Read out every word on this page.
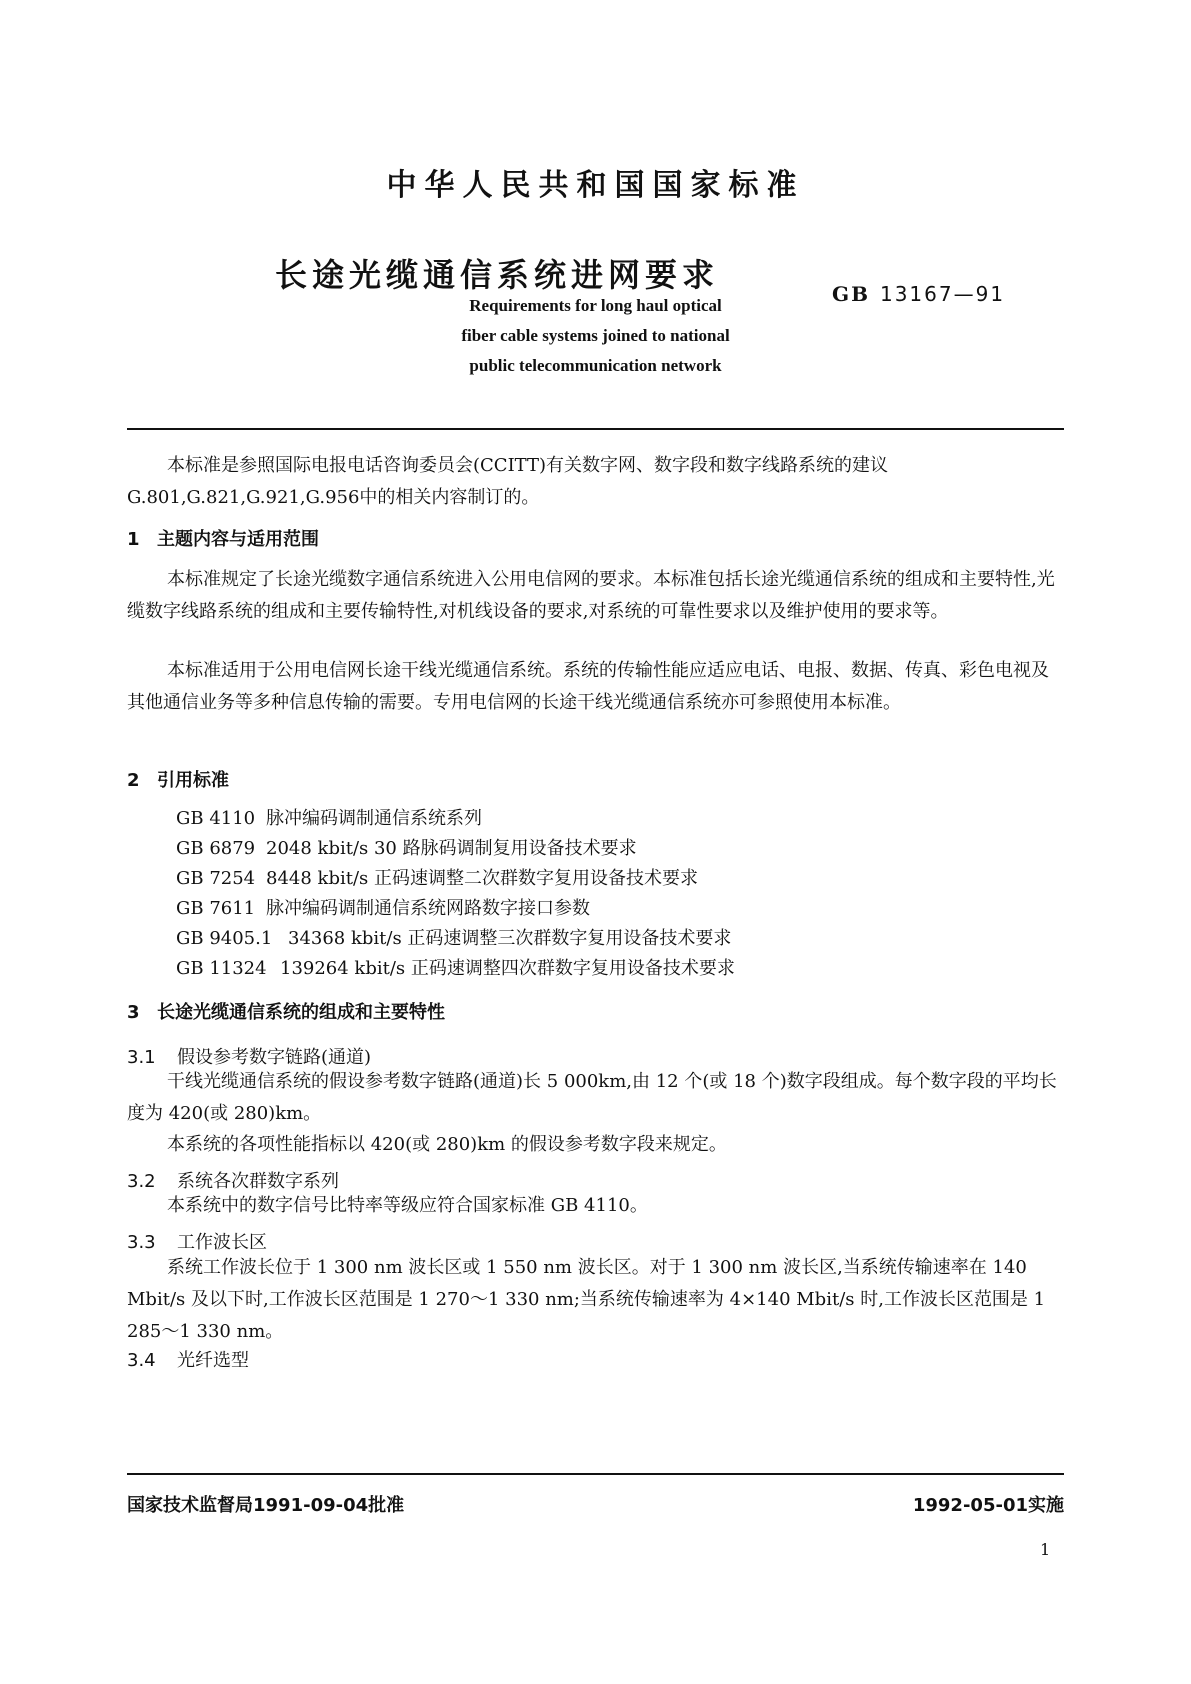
中华人民共和国国家标准
长途光缆通信系统进网要求	GB 13167—91
Requirements for long haul optical
fiber cable systems joined to national
public telecommunication network
本标准是参照国际电报电话咨询委员会(CCITT)有关数字网、数字段和数字线路系统的建议G.801,G.821,G.921,G.956中的相关内容制订的。
1 主题内容与适用范围
本标准规定了长途光缆数字通信系统进入公用电信网的要求。本标准包括长途光缆通信系统的组成和主要特性,光缆数字线路系统的组成和主要传输特性,对机线设备的要求,对系统的可靠性要求以及维护使用的要求等。
本标准适用于公用电信网长途干线光缆通信系统。系统的传输性能应适应电话、电报、数据、传真、彩色电视及其他通信业务等多种信息传输的需要。专用电信网的长途干线光缆通信系统亦可参照使用本标准。
2 引用标准
GB 4110 脉冲编码调制通信系统系列
GB 6879 2048 kbit/s 30 路脉码调制复用设备技术要求
GB 7254 8448 kbit/s 正码速调整二次群数字复用设备技术要求
GB 7611 脉冲编码调制通信系统网路数字接口参数
GB 9405.1 34368 kbit/s 正码速调整三次群数字复用设备技术要求
GB 11324 139264 kbit/s 正码速调整四次群数字复用设备技术要求
3 长途光缆通信系统的组成和主要特性
3.1 假设参考数字链路(通道)
干线光缆通信系统的假设参考数字链路(通道)长 5 000km,由 12 个(或 18 个)数字段组成。每个数字段的平均长度为 420(或 280)km。
本系统的各项性能指标以 420(或 280)km 的假设参考数字段来规定。
3.2 系统各次群数字系列
本系统中的数字信号比特率等级应符合国家标准 GB 4110。
3.3 工作波长区
系统工作波长位于 1 300 nm 波长区或 1 550 nm 波长区。对于 1 300 nm 波长区,当系统传输速率在 140 Mbit/s 及以下时,工作波长区范围是 1 270～1 330 nm;当系统传输速率为 4×140 Mbit/s 时,工作波长区范围是 1 285～1 330 nm。
3.4 光纤选型
国家技术监督局1991-09-04批准	1992-05-01实施
1
